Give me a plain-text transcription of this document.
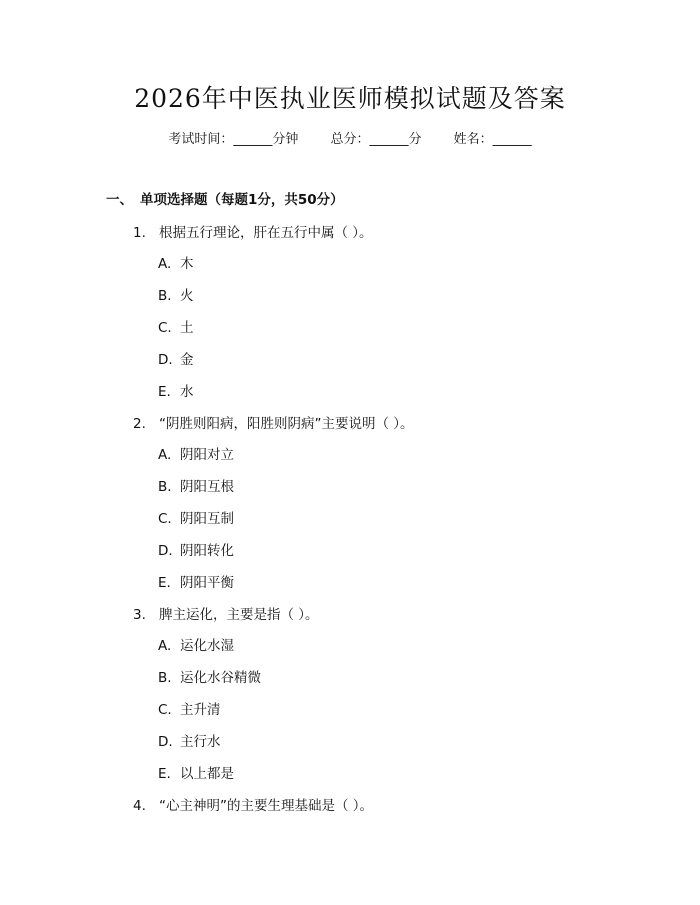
2026年中医执业医师模拟试题及答案
考试时间：______分钟 总分：______分 姓名：______
一、 单项选择题（每题1分，共50分）
1. 根据五行理论，肝在五行中属（ ）。
A. 木
B. 火
C. 土
D. 金
E. 水
2. “阴胜则阳病，阳胜则阴病”主要说明（ ）。
A. 阴阳对立
B. 阴阳互根
C. 阴阳互制
D. 阴阳转化
E. 阴阳平衡
3. 脾主运化，主要是指（ ）。
A. 运化水湿
B. 运化水谷精微
C. 主升清
D. 主行水
E. 以上都是
4. “心主神明”的主要生理基础是（ ）。
